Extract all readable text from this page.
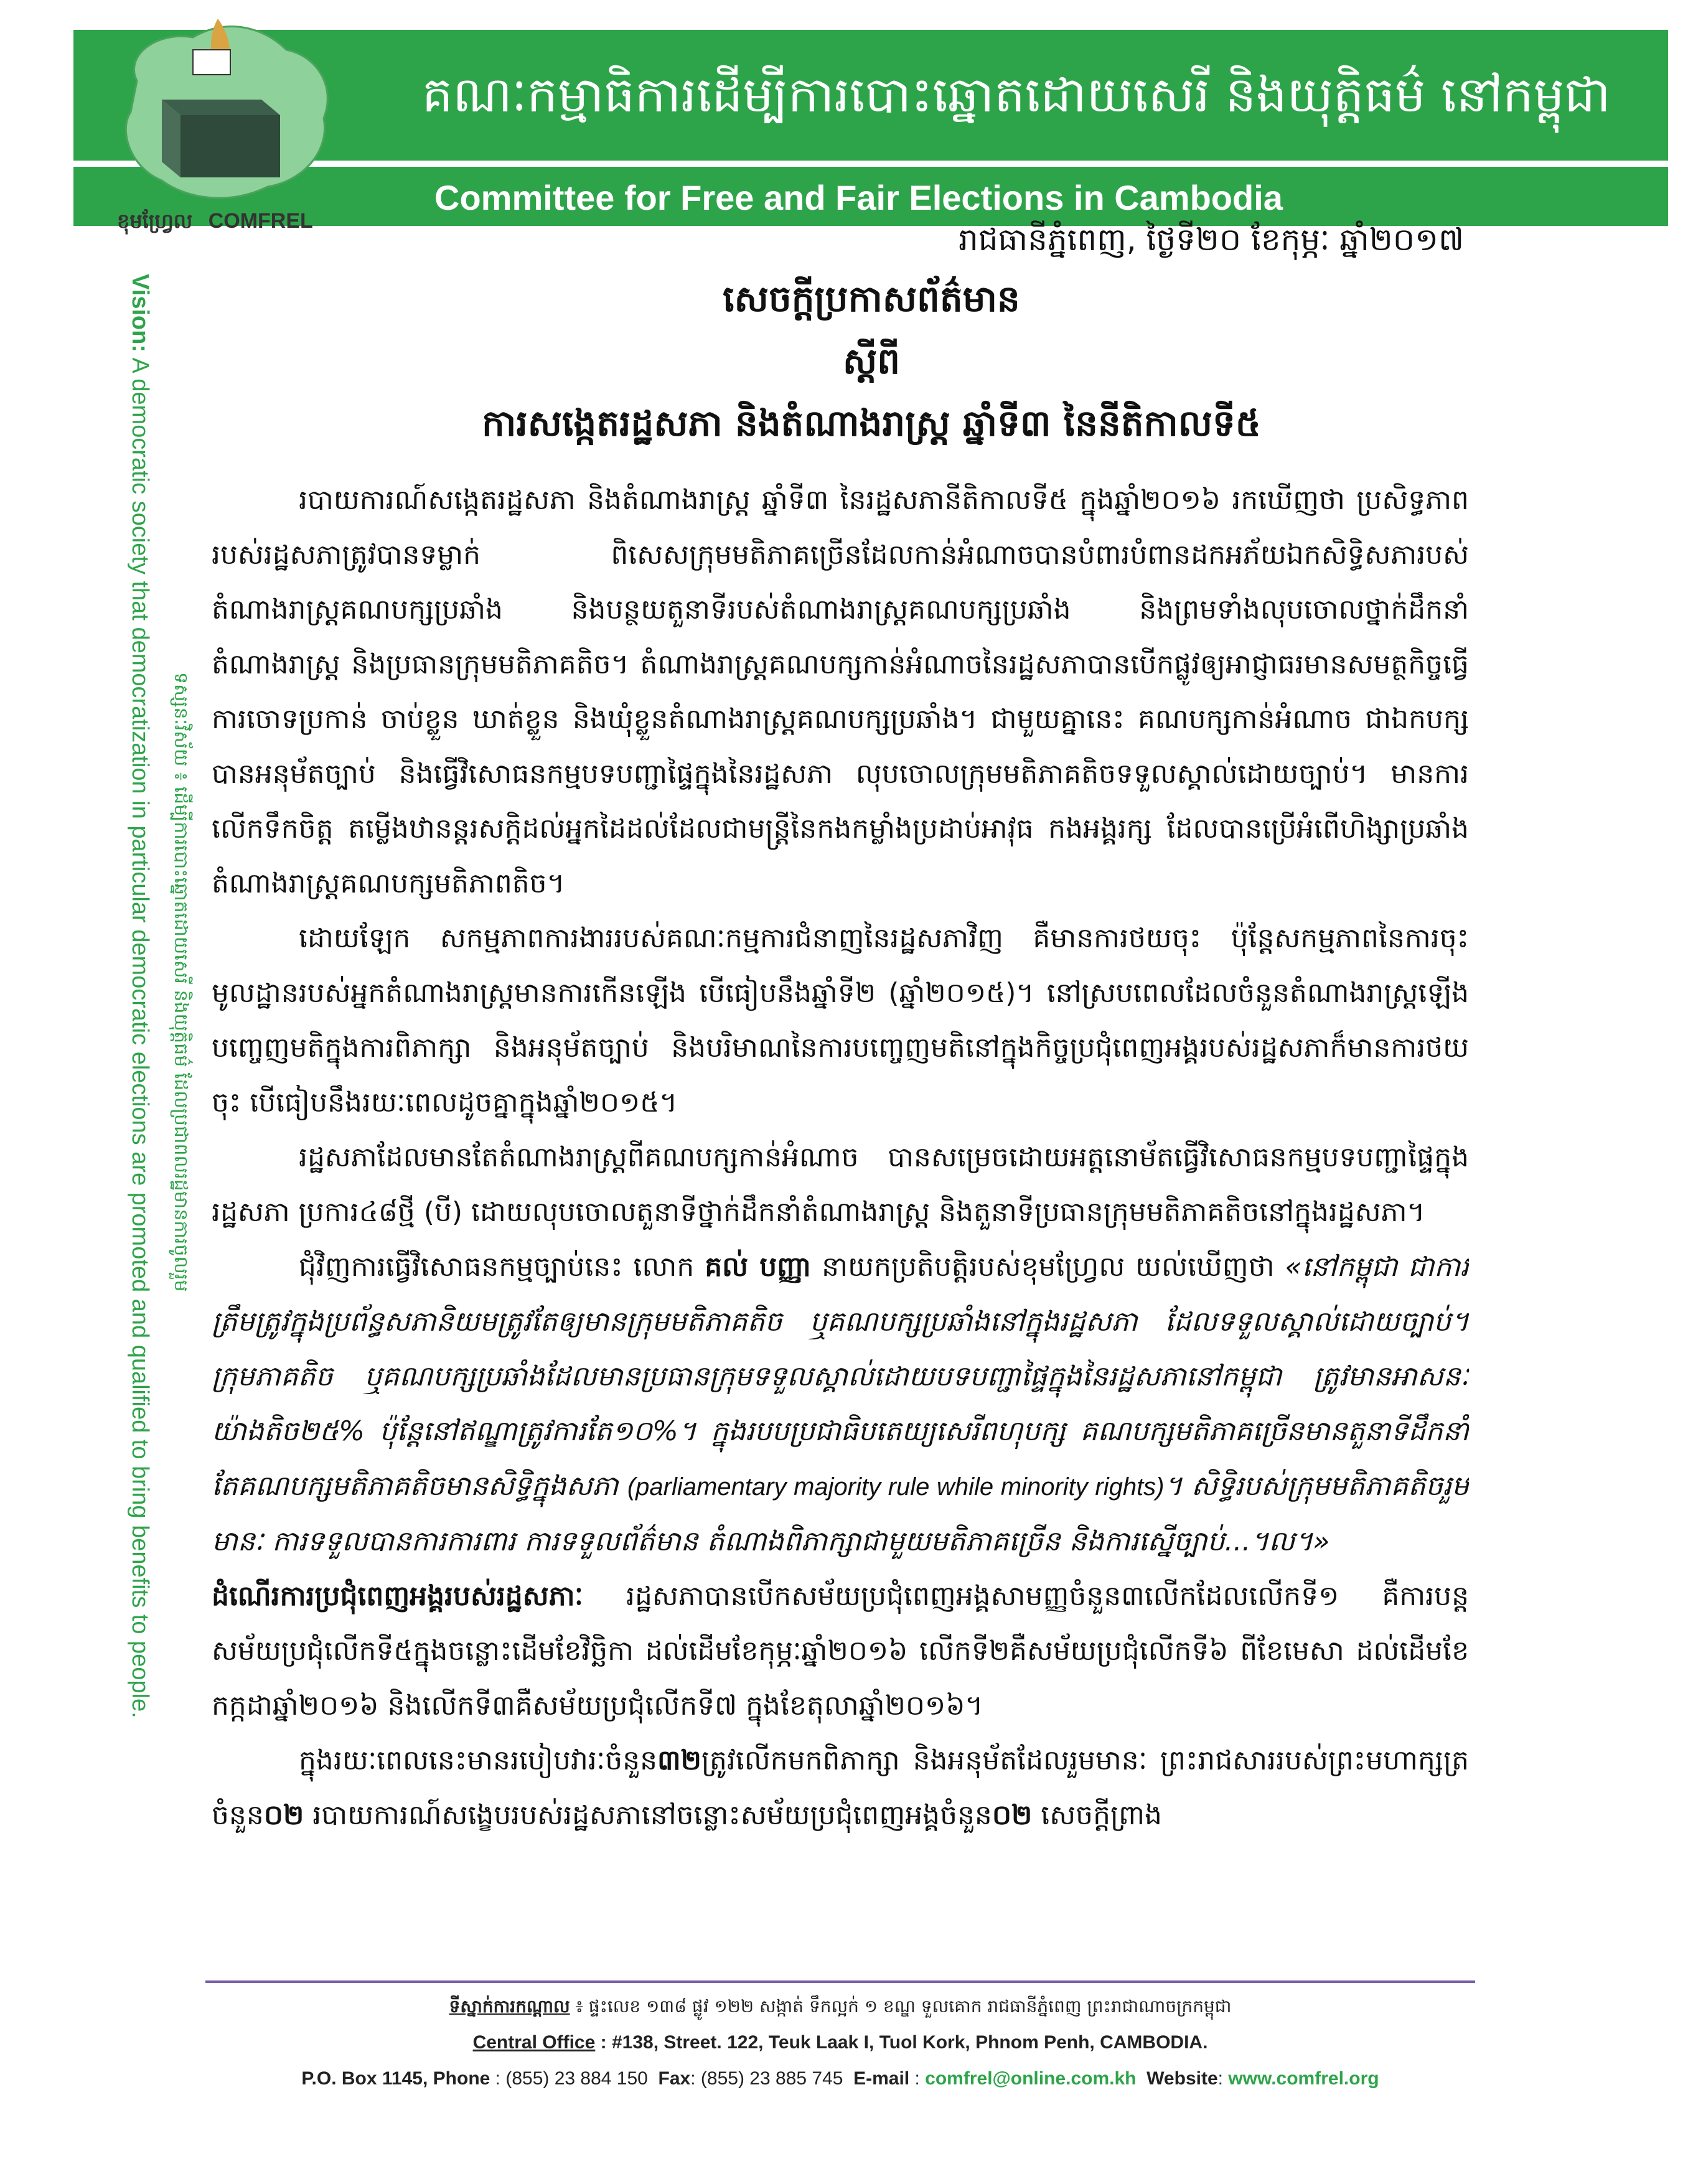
គណៈកម្មាធិការដើម្បីការបោះឆ្នោតដោយសេរី និងយុត្តិធម៌ នៅកម្ពុជា
Committee for Free and Fair Elections in Cambodia
ខុមហ្វ្រែល COMFREL
Vision: A democratic society that democratization in particular democratic elections are promoted and qualified to bring benefits to people. ទស្សនៈវិស័យ ៖ ដើម្បីការបោះឆ្នោតដោយសេរី និងយុត្តិធម៌ ដែលប្រជាពលរដ្ឋមានការចូលរួម
រាជធានីភ្នំពេញ, ថ្ងៃទី២០ ខែកុម្ភៈ ឆ្នាំ២០១៧
សេចក្តីប្រកាសព័ត៌មាន
ស្តីពី
ការសង្កេតរដ្ឋសភា និងតំណាងរាស្ត្រ ឆ្នាំទី៣ នៃនីតិកាលទី៥

របាយការណ៍សង្កេតរដ្ឋសភា និងតំណាងរាស្ត្រ ឆ្នាំទី៣ នៃរដ្ឋសភានីតិកាលទី៥ ក្នុងឆ្នាំ២០១៦ រកឃើញថា ប្រសិទ្ធភាពរបស់រដ្ឋសភាត្រូវបានទម្លាក់ ពិសេសក្រុមមតិភាគច្រើនដែលកាន់អំណាចបានបំពារបំពានដកអភ័យឯកសិទ្ធិសភារបស់តំណាងរាស្ត្រគណបក្សប្រឆាំង និងបន្ថយតួនាទីរបស់តំណាងរាស្ត្រគណបក្សប្រឆាំង និងព្រមទាំងលុបចោលថ្នាក់ដឹកនាំតំណាងរាស្ត្រ និងប្រធានក្រុមមតិភាគតិច។ តំណាងរាស្ត្រគណបក្សកាន់អំណាចនៃរដ្ឋសភាបានបើកផ្លូវឲ្យអាជ្ញាធរមានសមត្ថកិច្ចធ្វើការចោទប្រកាន់ ចាប់ខ្លួន ឃាត់ខ្លួន និងឃុំខ្លួនតំណាងរាស្ត្រគណបក្សប្រឆាំង។ ជាមួយគ្នានេះ គណបក្សកាន់អំណាច ជាឯកបក្ស បានអនុម័តច្បាប់ និងធ្វើវិសោធនកម្មបទបញ្ជាផ្ទៃក្នុងនៃរដ្ឋសភា លុបចោលក្រុមមតិភាគតិចទទួលស្គាល់ដោយច្បាប់។ មានការលើកទឹកចិត្ត តម្លើងឋានន្តរសក្តិដល់អ្នកដៃដល់ដែលជាមន្ត្រីនៃកងកម្លាំងប្រដាប់អាវុធ កងអង្គរក្ស ដែលបានប្រើអំពើហិង្សាប្រឆាំងតំណាងរាស្ត្រគណបក្សមតិភាពតិច។

ដោយឡែក សកម្មភាពការងាររបស់គណៈកម្មការជំនាញនៃរដ្ឋសភាវិញ គឺមានការថយចុះ ប៉ុន្តែសកម្មភាពនៃការចុះមូលដ្ឋានរបស់អ្នកតំណាងរាស្ត្រមានការកើនឡើង បើធៀបនឹងឆ្នាំទី២ (ឆ្នាំ២០១៥)។ នៅស្របពេលដែលចំនួនតំណាងរាស្ត្រឡើងបញ្ចេញមតិក្នុងការពិភាក្សា និងអនុម័តច្បាប់ និងបរិមាណនៃការបញ្ចេញមតិនៅក្នុងកិច្ចប្រជុំពេញអង្គរបស់រដ្ឋសភាក៏មានការថយចុះ បើធៀបនឹងរយៈពេលដូចគ្នាក្នុងឆ្នាំ២០១៥។

រដ្ឋសភាដែលមានតែតំណាងរាស្ត្រពីគណបក្សកាន់អំណាច បានសម្រេចដោយអត្តនោម័តធ្វើវិសោធនកម្មបទបញ្ជាផ្ទៃក្នុងរដ្ឋសភា ប្រការ៤៨ថ្មី (បី) ដោយលុបចោលតួនាទីថ្នាក់ដឹកនាំតំណាងរាស្ត្រ និងតួនាទីប្រធានក្រុមមតិភាគតិចនៅក្នុងរដ្ឋសភា។

ជុំវិញការធ្វើវិសោធនកម្មច្បាប់នេះ លោក គល់ បញ្ញា នាយកប្រតិបត្តិរបស់ខុមហ្វ្រែល យល់ឃើញថា «នៅកម្ពុជា ជាការត្រឹមត្រូវក្នុងប្រព័ន្ធសភានិយមត្រូវតែឲ្យមានក្រុមមតិភាគតិច ឬគណបក្សប្រឆាំងនៅក្នុងរដ្ឋសភា ដែលទទួលស្គាល់ដោយច្បាប់។ ក្រុមភាគតិច ឬគណបក្សប្រឆាំងដែលមានប្រធានក្រុមទទួលស្គាល់ដោយបទបញ្ជាផ្ទៃក្នុងនៃរដ្ឋសភានៅកម្ពុជា ត្រូវមានអាសនៈយ៉ាងតិច២៥% ប៉ុន្តែនៅឥណ្ឌាត្រូវការតែ១០%។ ក្នុងរបបប្រជាធិបតេយ្យសេរីពហុបក្ស គណបក្សមតិភាគច្រើនមានតួនាទីដឹកនាំ តែគណបក្សមតិភាគតិចមានសិទ្ធិក្នុងសភា (parliamentary majority rule while minority rights)។ សិទ្ធិរបស់ក្រុមមតិភាគតិចរួមមានៈ ការទទួលបានការការពារ ការទទួលព័ត៌មាន តំណាងពិភាក្សាជាមួយមតិភាគច្រើន និងការស្នើច្បាប់...។ល។»

ដំណើរការប្រជុំពេញអង្គរបស់រដ្ឋសភាៈ រដ្ឋសភាបានបើកសម័យប្រជុំពេញអង្គសាមញ្ញចំនួន៣លើកដែលលើកទី១ គឺការបន្តសម័យប្រជុំលើកទី៥ក្នុងចន្លោះដើមខែវិច្ឆិកា ដល់ដើមខែកុម្ភៈឆ្នាំ២០១៦ លើកទី២គឺសម័យប្រជុំលើកទី៦ ពីខែមេសា ដល់ដើមខែកក្កដាឆ្នាំ២០១៦ និងលើកទី៣គឺសម័យប្រជុំលើកទី៧ ក្នុងខែតុលាឆ្នាំ២០១៦។

ក្នុងរយៈពេលនេះមានរបៀបវារៈចំនួន៣២ត្រូវលើកមកពិភាក្សា និងអនុម័តដែលរួមមានៈ ព្រះរាជសាររបស់ព្រះមហាក្សត្រចំនួន០២ របាយការណ៍សង្ខេបរបស់រដ្ឋសភានៅចន្លោះសម័យប្រជុំពេញអង្គចំនួន០២ សេចក្តីព្រាង

ទីស្នាក់ការកណ្តាល ៖ ផ្ទះលេខ ១៣៨ ផ្លូវ ១២២ សង្កាត់ ទឹកល្អក់ ១ ខណ្ឌ ទួលគោក រាជធានីភ្នំពេញ ព្រះរាជាណាចក្រកម្ពុជា
Central Office : #138, Street. 122, Teuk Laak I, Tuol Kork, Phnom Penh, CAMBODIA.
P.O. Box 1145, Phone : (855) 23 884 150 Fax: (855) 23 885 745 E-mail : comfrel@online.com.kh Website: www.comfrel.org
